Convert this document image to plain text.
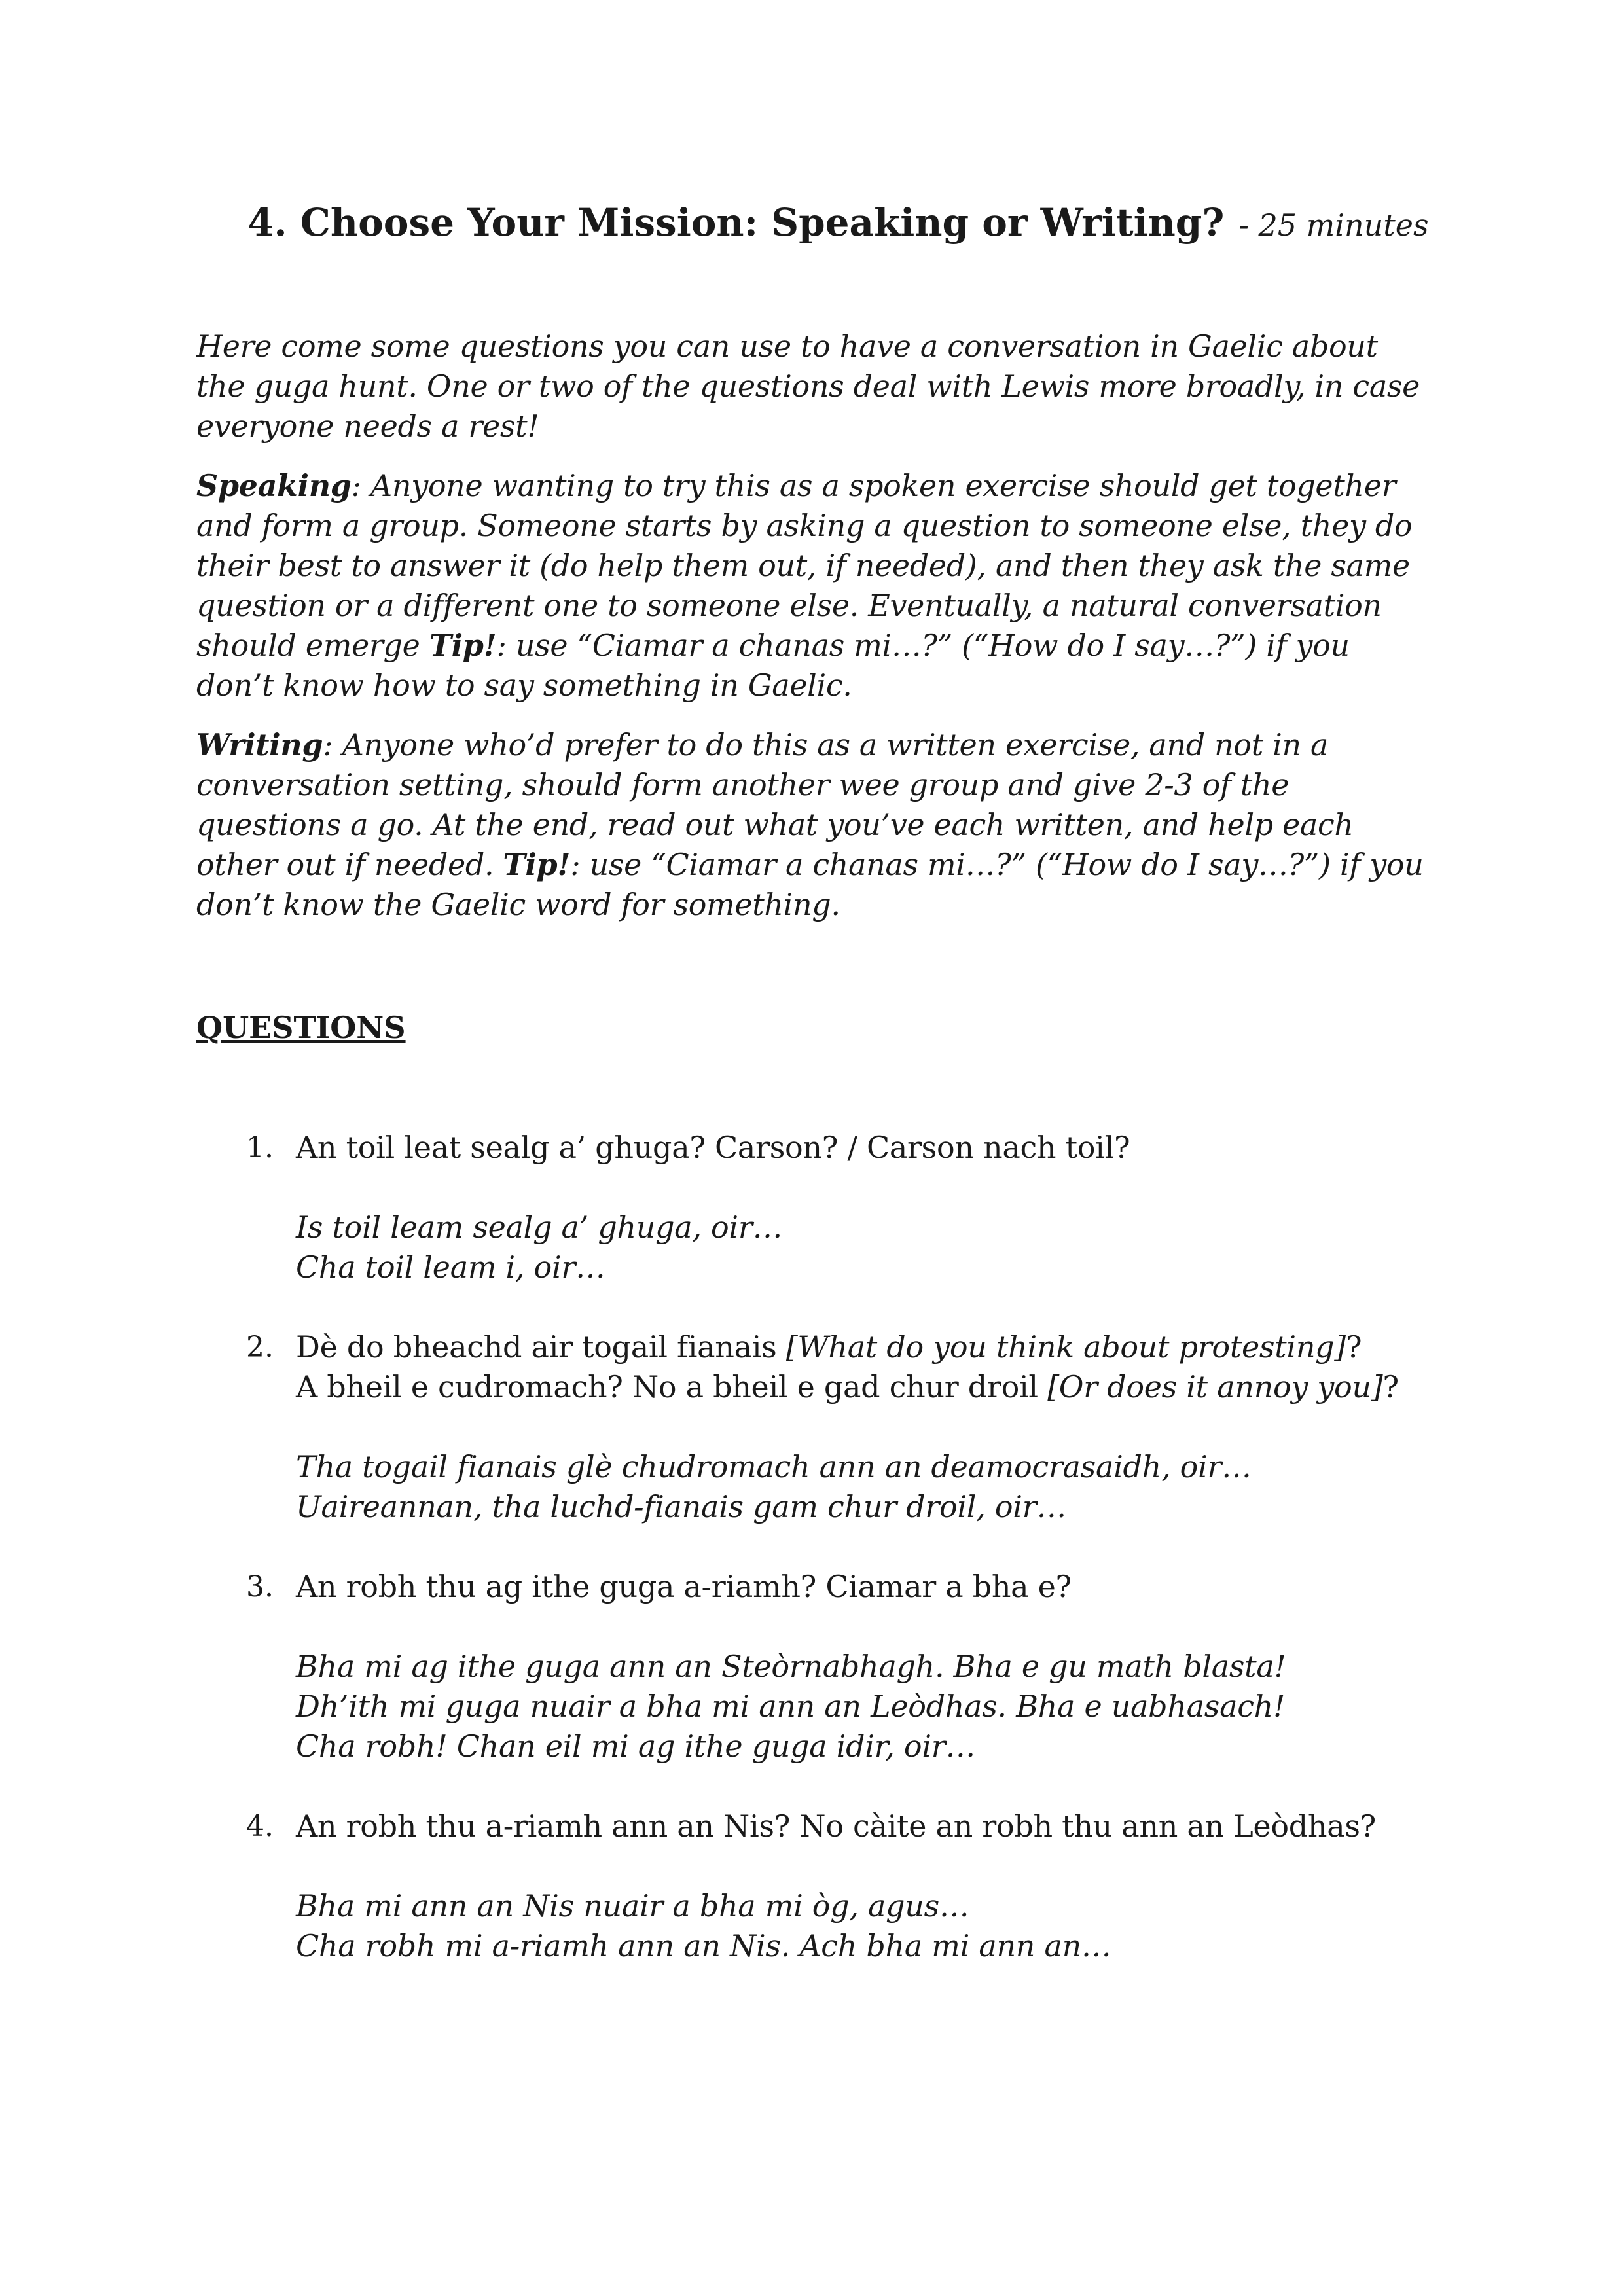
4. Choose Your Mission: Speaking or Writing? - 25 minutes

Here come some questions you can use to have a conversation in Gaelic about the guga hunt. One or two of the questions deal with Lewis more broadly, in case everyone needs a rest!

Speaking: Anyone wanting to try this as a spoken exercise should get together and form a group. Someone starts by asking a question to someone else, they do their best to answer it (do help them out, if needed), and then they ask the same question or a different one to someone else. Eventually, a natural conversation should emerge Tip!: use “Ciamar a chanas mi…?” (“How do I say…?”) if you don’t know how to say something in Gaelic.

Writing: Anyone who’d prefer to do this as a written exercise, and not in a conversation setting, should form another wee group and give 2-3 of the questions a go. At the end, read out what you’ve each written, and help each other out if needed. Tip!: use “Ciamar a chanas mi…?” (“How do I say…?”) if you don’t know the Gaelic word for something.

QUESTIONS
1. An toil leat sealg a’ ghuga? Carson? / Carson nach toil?
Is toil leam sealg a’ ghuga, oir…
Cha toil leam i, oir…
2. Dè do bheachd air togail fianais [What do you think about protesting]?
A bheil e cudromach? No a bheil e gad chur droil [Or does it annoy you]?
Tha togail fianais glè chudromach ann an deamocrasaidh, oir…
Uaireannan, tha luchd-fianais gam chur droil, oir…
3. An robh thu ag ithe guga a-riamh? Ciamar a bha e?
Bha mi ag ithe guga ann an Steòrnabhagh. Bha e gu math blasta!
Dh’ith mi guga nuair a bha mi ann an Leòdhas. Bha e uabhasach!
Cha robh! Chan eil mi ag ithe guga idir, oir…
4. An robh thu a-riamh ann an Nis? No càite an robh thu ann an Leòdhas?
Bha mi ann an Nis nuair a bha mi òg, agus…
Cha robh mi a-riamh ann an Nis. Ach bha mi ann an…
